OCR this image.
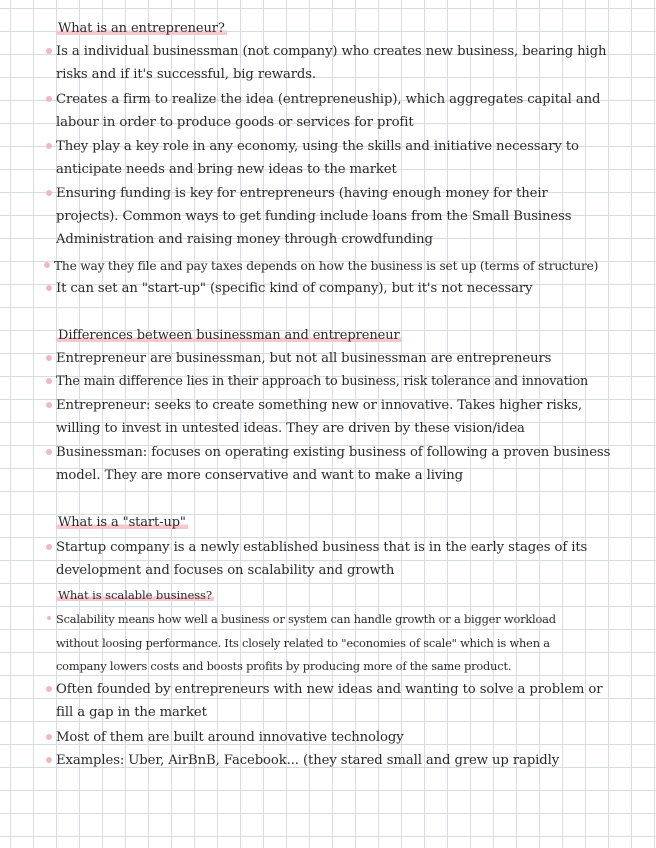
What is an entrepreneur?
Is a individual businessman (not company) who creates new business, bearing high
risks and if it's successful, big rewards.
Creates a firm to realize the idea (entrepreneuship), which aggregates capital and
labour in order to produce goods or services for profit
They play a key role in any economy, using the skills and initiative necessary to
anticipate needs and bring new ideas to the market
Ensuring funding is key for entrepreneurs (having enough money for their
projects). Common ways to get funding include loans from the Small Business
Administration and raising money through crowdfunding
The way they file and pay taxes depends on how the business is set up (terms of structure)
It can set an "start-up" (specific kind of company), but it's not necessary
Differences between businessman and entrepreneur
Entrepreneur are businessman, but not all businessman are entrepreneurs
The main difference lies in their approach to business, risk tolerance and innovation
Entrepreneur: seeks to create something new or innovative. Takes higher risks,
willing to invest in untested ideas. They are driven by these vision/idea
Businessman: focuses on operating existing business of following a proven business
model. They are more conservative and want to make a living
What is a "start-up"
Startup company is a newly established business that is in the early stages of its
development and focuses on scalability and growth
What is scalable business?
Scalability means how well a business or system can handle growth or a bigger workload
without loosing performance. Its closely related to "economies of scale" which is when a
company lowers costs and boosts profits by producing more of the same product.
Often founded by entrepreneurs with new ideas and wanting to solve a problem or
fill a gap in the market
Most of them are built around innovative technology
Examples: Uber, AirBnB, Facebook... (they stared small and grew up rapidly
